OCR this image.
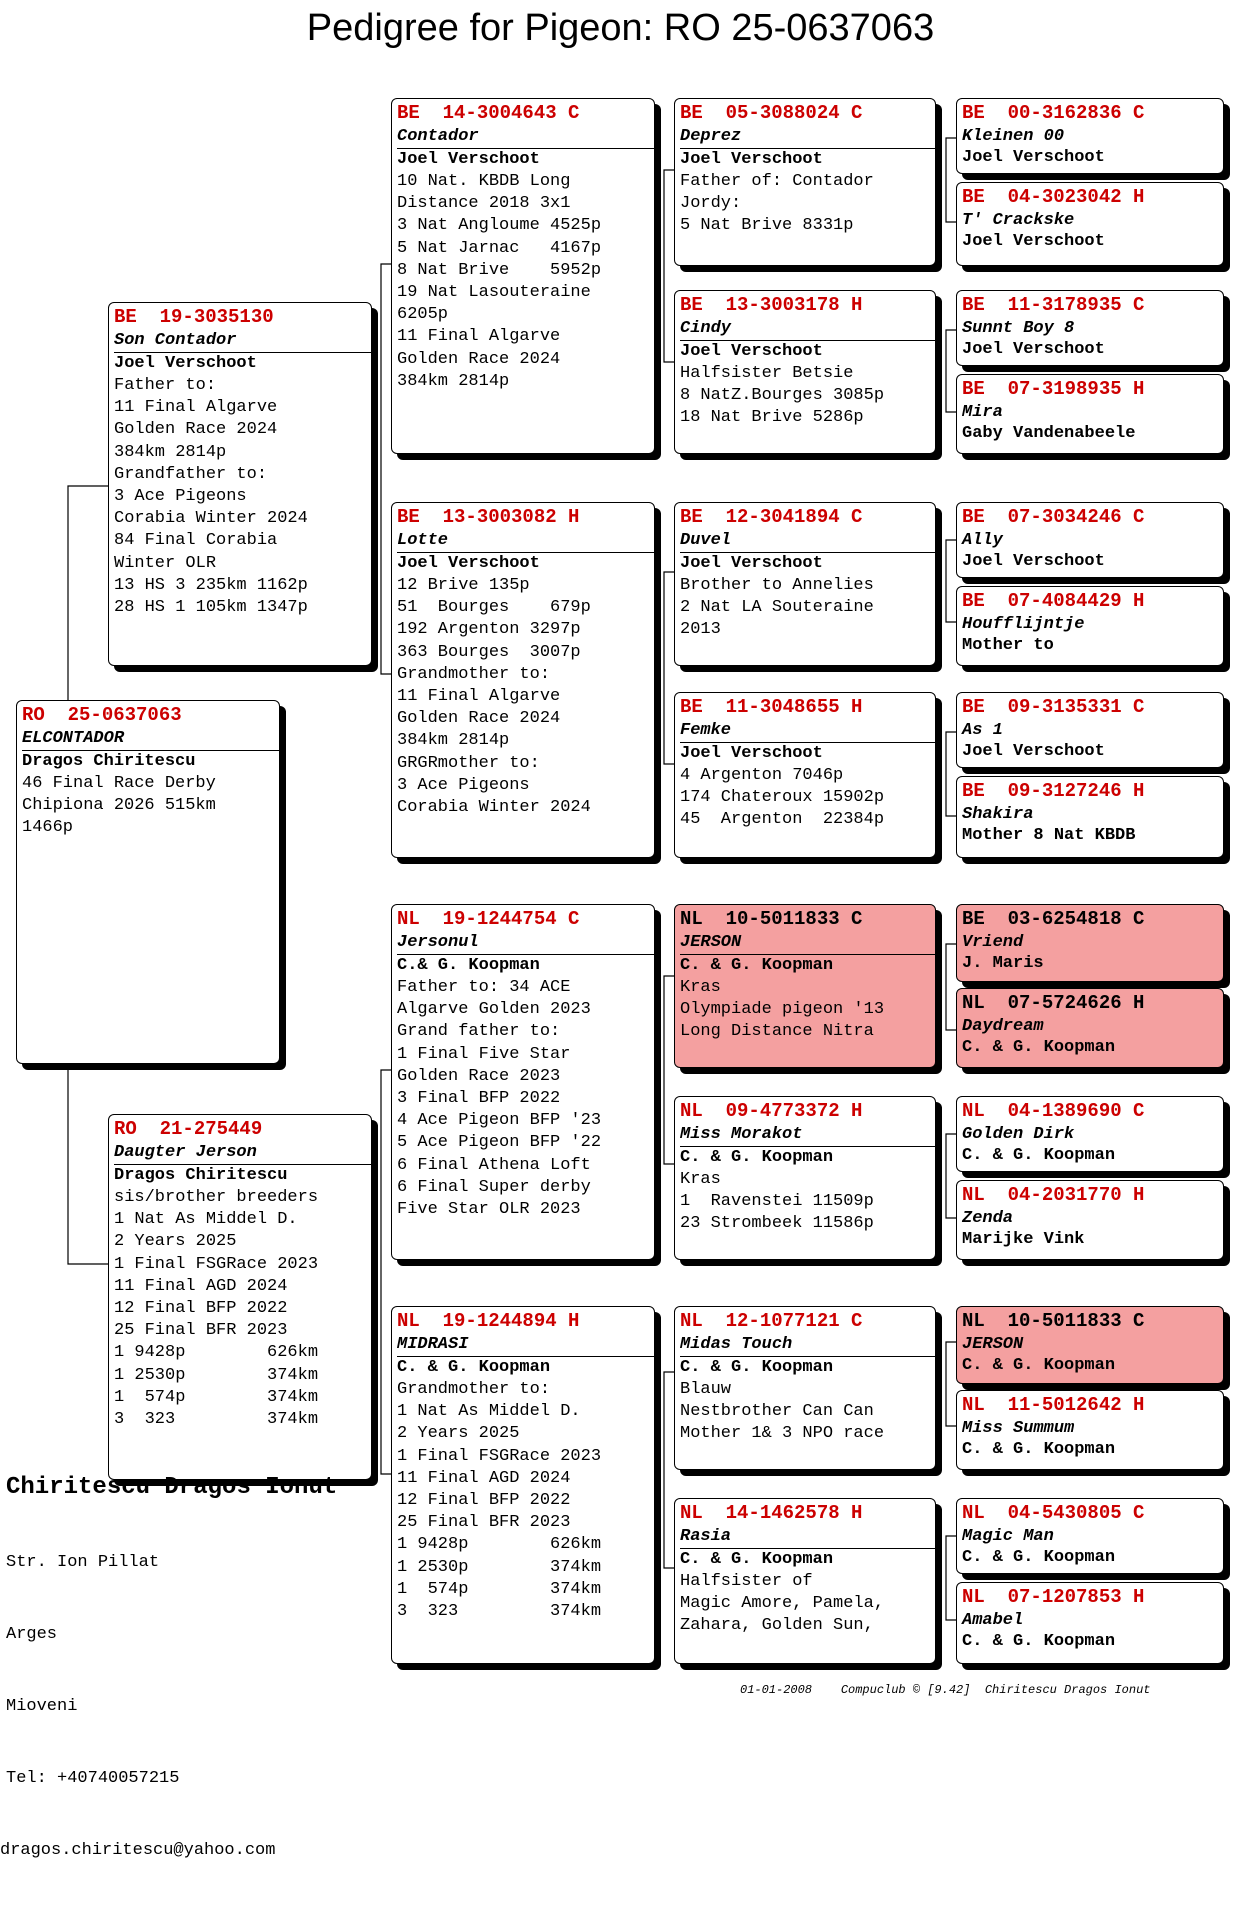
Pedigree for Pigeon: RO 25-0637063
RO  25-0637063
ELCONTADOR
Dragos Chiritescu
46 Final Race Derby
Chipiona 2026 515km
1466p
BE  19-3035130
Son Contador
Joel Verschoot
Father to:
11 Final Algarve
Golden Race 2024
384km 2814p
Grandfather to:
3 Ace Pigeons
Corabia Winter 2024
84 Final Corabia
Winter OLR
13 HS 3 235km 1162p
28 HS 1 105km 1347p
RO  21-275449
Daugter Jerson
Dragos Chiritescu
sis/brother breeders
1 Nat As Middel D.
2 Years 2025
1 Final FSGRace 2023
11 Final AGD 2024
12 Final BFP 2022
25 Final BFR 2023
1 9428p        626km
1 2530p        374km
1  574p        374km
3  323         374km
BE  14-3004643 C
Contador
Joel Verschoot
10 Nat. KBDB Long
Distance 2018 3x1
3 Nat Angloume 4525p
5 Nat Jarnac   4167p
8 Nat Brive    5952p
19 Nat Lasouteraine
6205p
11 Final Algarve
Golden Race 2024
384km 2814p
BE  13-3003082 H
Lotte
Joel Verschoot
12 Brive 135p
51  Bourges    679p
192 Argenton 3297p
363 Bourges  3007p
Grandmother to:
11 Final Algarve
Golden Race 2024
384km 2814p
GRGRmother to:
3 Ace Pigeons
Corabia Winter 2024
NL  19-1244754 C
Jersonul
C.& G. Koopman
Father to: 34 ACE
Algarve Golden 2023
Grand father to:
1 Final Five Star
Golden Race 2023
3 Final BFP 2022
4 Ace Pigeon BFP '23
5 Ace Pigeon BFP '22
6 Final Athena Loft
6 Final Super derby
Five Star OLR 2023
NL  19-1244894 H
MIDRASI
C. & G. Koopman
Grandmother to:
1 Nat As Middel D.
2 Years 2025
1 Final FSGRace 2023
11 Final AGD 2024
12 Final BFP 2022
25 Final BFR 2023
1 9428p        626km
1 2530p        374km
1  574p        374km
3  323         374km
BE  05-3088024 C
Deprez
Joel Verschoot
Father of: Contador
Jordy:
5 Nat Brive 8331p
BE  13-3003178 H
Cindy
Joel Verschoot
Halfsister Betsie
8 NatZ.Bourges 3085p
18 Nat Brive 5286p
BE  12-3041894 C
Duvel
Joel Verschoot
Brother to Annelies
2 Nat LA Souteraine
2013
BE  11-3048655 H
Femke
Joel Verschoot
4 Argenton 7046p
174 Chateroux 15902p
45  Argenton  22384p
NL  10-5011833 C
JERSON
C. & G. Koopman
Kras
Olympiade pigeon '13
Long Distance Nitra
NL  09-4773372 H
Miss Morakot
C. & G. Koopman
Kras
1  Ravenstei 11509p
23 Strombeek 11586p
NL  12-1077121 C
Midas Touch
C. & G. Koopman
Blauw
Nestbrother Can Can
Mother 1& 3 NPO race
NL  14-1462578 H
Rasia
C. & G. Koopman
Halfsister of
Magic Amore, Pamela,
Zahara, Golden Sun,
BE  00-3162836 C
Kleinen 00
Joel Verschoot
BE  04-3023042 H
T' Crackske
Joel Verschoot
BE  11-3178935 C
Sunnt Boy 8
Joel Verschoot
BE  07-3198935 H
Mira
Gaby Vandenabeele
BE  07-3034246 C
Ally
Joel Verschoot
BE  07-4084429 H
Houfflijntje
Mother to
BE  09-3135331 C
As 1
Joel Verschoot
BE  09-3127246 H
Shakira
Mother 8 Nat KBDB
BE  03-6254818 C
Vriend
J. Maris
NL  07-5724626 H
Daydream
C. & G. Koopman
NL  04-1389690 C
Golden Dirk
C. & G. Koopman
NL  04-2031770 H
Zenda
Marijke Vink
NL  10-5011833 C
JERSON
C. & G. Koopman
NL  11-5012642 H
Miss Summum
C. & G. Koopman
NL  04-5430805 C
Magic Man
C. & G. Koopman
NL  07-1207853 H
Amabel
C. & G. Koopman
Chiritescu Dragos Ionut

Str. Ion Pillat

Arges

Mioveni

Tel: +40740057215

dragos.chiritescu@yahoo.com

01-01-2008    Compuclub © [9.42]  Chiritescu Dragos Ionut
